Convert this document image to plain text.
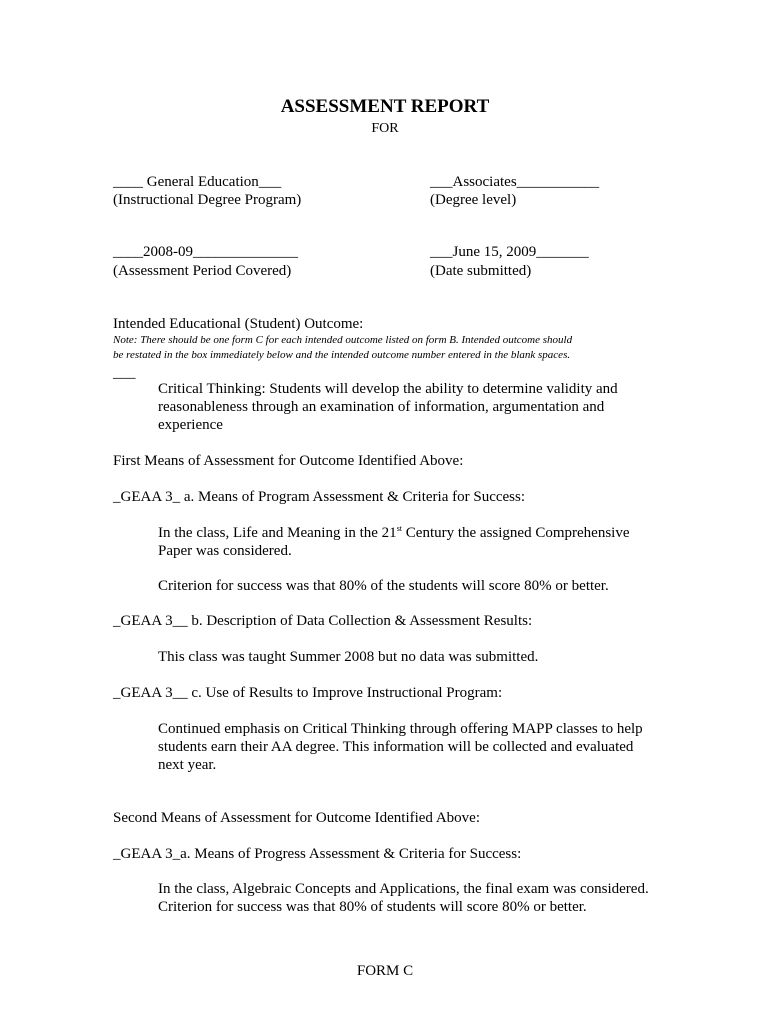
ASSESSMENT REPORT
FOR
____ General Education___
(Instructional Degree Program)
___Associates___________
(Degree level)
____2008-09______________
(Assessment Period Covered)
___June 15, 2009_______
(Date submitted)
Intended Educational (Student) Outcome:
Note: There should be one form C for each intended outcome listed on form B. Intended outcome should
be restated in the box immediately below and the intended outcome number entered in the blank spaces.
___
Critical Thinking: Students will develop the ability to determine validity and reasonableness through an examination of information, argumentation and experience
First Means of Assessment for Outcome Identified Above:
_GEAA 3_ a. Means of Program Assessment & Criteria for Success:
In the class, Life and Meaning in the 21st Century the assigned Comprehensive Paper was considered.
Criterion for success was that 80% of the students will score 80% or better.
_GEAA 3__ b. Description of Data Collection & Assessment Results:
This class was taught Summer 2008 but no data was submitted.
_GEAA 3__ c. Use of Results to Improve Instructional Program:
Continued emphasis on Critical Thinking through offering MAPP classes to help students earn their AA degree. This information will be collected and evaluated next year.
Second Means of Assessment for Outcome Identified Above:
_GEAA 3_a. Means of Progress Assessment & Criteria for Success:
In the class, Algebraic Concepts and Applications, the final exam was considered. Criterion for success was that 80% of students will score 80% or better.
FORM C
